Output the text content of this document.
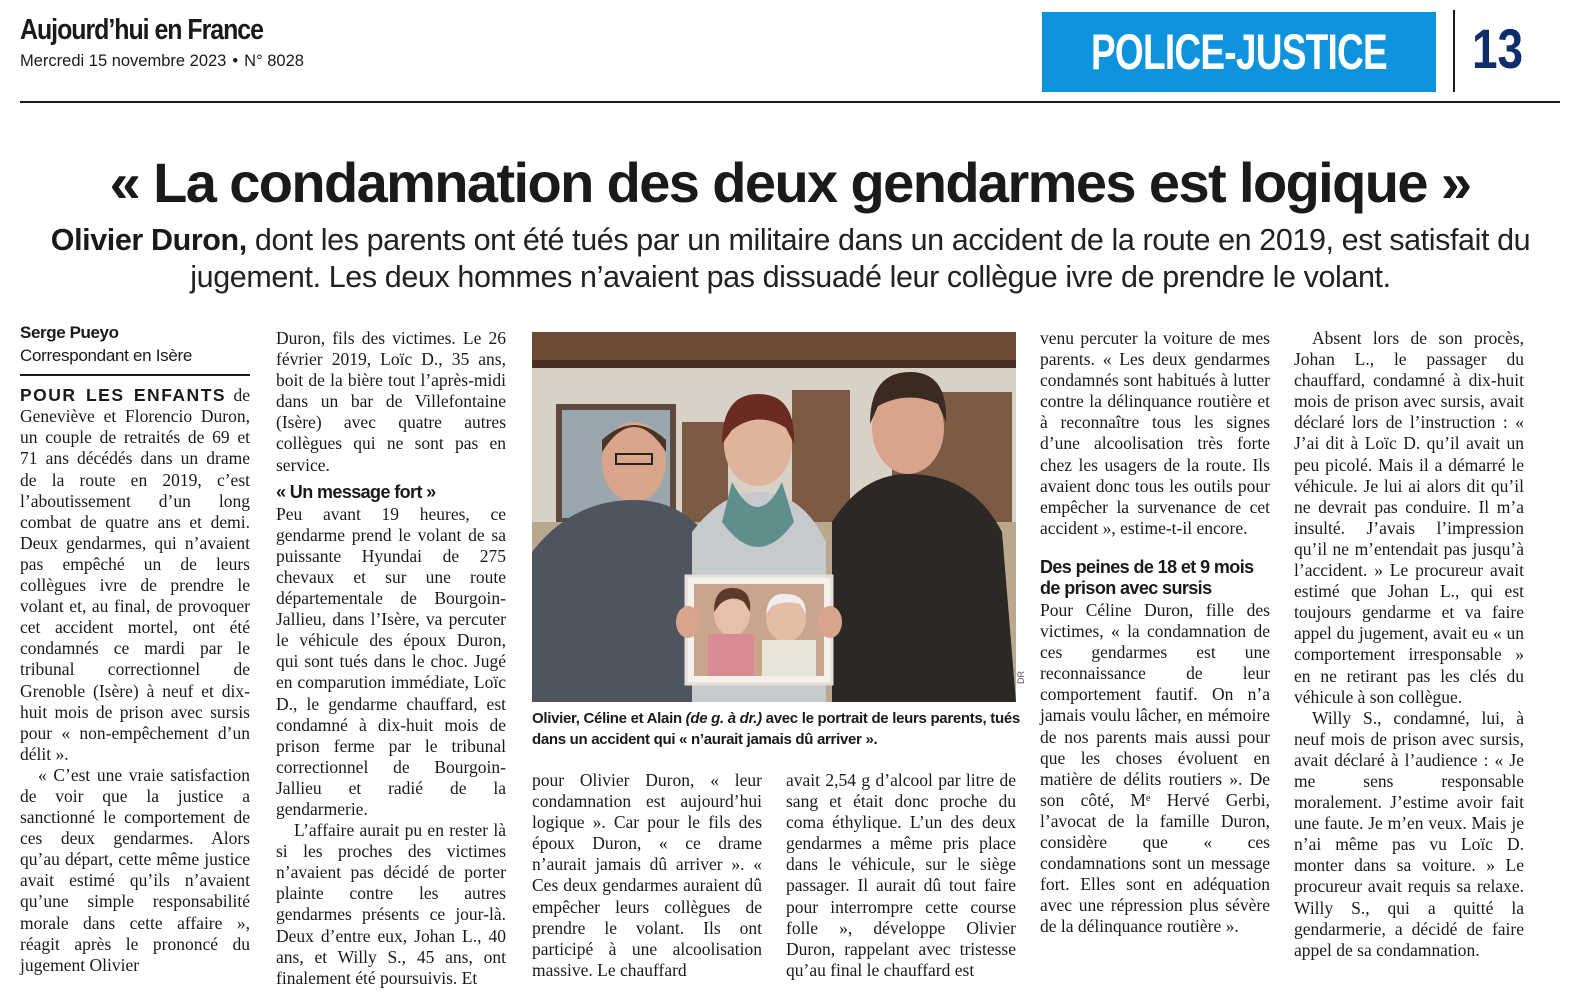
Aujourd’hui en France
Mercredi 15 novembre 2023 • N° 8028	POLICE-JUSTICE 13
« La condamnation des deux gendarmes est logique »
Olivier Duron, dont les parents ont été tués par un militaire dans un accident de la route en 2019, est satisfait du jugement. Les deux hommes n’avaient pas dissuadé leur collègue ivre de prendre le volant.
Serge Pueyo
Correspondant en Isère

POUR LES ENFANTS de Geneviève et Florencio Duron, un couple de retraités de 69 et 71 ans décédés dans un drame de la route en 2019, c’est l’aboutissement d’un long combat de quatre ans et demi. Deux gendarmes, qui n’avaient pas empêché un de leurs collègues ivre de prendre le volant et, au final, de provoquer cet accident mortel, ont été condamnés ce mardi par le tribunal correctionnel de Grenoble (Isère) à neuf et dix-huit mois de prison avec sursis pour « non-empêchement d’un délit ».

« C’est une vraie satisfaction de voir que la justice a sanctionné le comportement de ces deux gendarmes. Alors qu’au départ, cette même justice avait estimé qu’ils n’avaient qu’une simple responsabilité morale dans cette affaire », réagit après le prononcé du jugement Olivier

Duron, fils des victimes. Le 26 février 2019, Loïc D., 35 ans, boit de la bière tout l’après-midi dans un bar de Villefontaine (Isère) avec quatre autres collègues qui ne sont pas en service.

« Un message fort »

Peu avant 19 heures, ce gendarme prend le volant de sa puissante Hyundai de 275 chevaux et sur une route départementale de Bourgoin-Jallieu, dans l’Isère, va percuter le véhicule des époux Duron, qui sont tués dans le choc. Jugé en comparution immédiate, Loïc D., le gendarme chauffard, est condamné à dix-huit mois de prison ferme par le tribunal correctionnel de Bourgoin-Jallieu et radié de la gendarmerie.

L’affaire aurait pu en rester là si les proches des victimes n’avaient pas décidé de porter plainte contre les autres gendarmes présents ce jour-là. Deux d’entre eux, Johan L., 40 ans, et Willy S., 45 ans, ont finalement été poursuivis. Et

DR
Olivier, Céline et Alain (de g. à dr.) avec le portrait de leurs parents, tués dans un accident qui « n’aurait jamais dû arriver ».

pour Olivier Duron, « leur condamnation est aujourd’hui logique ». Car pour le fils des époux Duron, « ce drame n’aurait jamais dû arriver ». « Ces deux gendarmes auraient dû empêcher leurs collègues de prendre le volant. Ils ont participé à une alcoolisation massive. Le chauffard

avait 2,54 g d’alcool par litre de sang et était donc proche du coma éthylique. L’un des deux gendarmes a même pris place dans le véhicule, sur le siège passager. Il aurait dû tout faire pour interrompre cette course folle », développe Olivier Duron, rappelant avec tristesse qu’au final le chauffard est

venu percuter la voiture de mes parents. « Les deux gendarmes condamnés sont habitués à lutter contre la délinquance routière et à reconnaître tous les signes d’une alcoolisation très forte chez les usagers de la route. Ils avaient donc tous les outils pour empêcher la survenance de cet accident », estime-t-il encore.

Des peines de 18 et 9 mois de prison avec sursis

Pour Céline Duron, fille des victimes, « la condamnation de ces gendarmes est une reconnaissance de leur comportement fautif. On n’a jamais voulu lâcher, en mémoire de nos parents mais aussi pour que les choses évoluent en matière de délits routiers ». De son côté, Mᵉ Hervé Gerbi, l’avocat de la famille Duron, considère que « ces condamnations sont un message fort. Elles sont en adéquation avec une répression plus sévère de la délinquance routière ».

Absent lors de son procès, Johan L., le passager du chauffard, condamné à dix-huit mois de prison avec sursis, avait déclaré lors de l’instruction : « J’ai dit à Loïc D. qu’il avait un peu picolé. Mais il a démarré le véhicule. Je lui ai alors dit qu’il ne devrait pas conduire. Il m’a insulté. J’avais l’impression qu’il ne m’entendait pas jusqu’à l’accident. » Le procureur avait estimé que Johan L., qui est toujours gendarme et va faire appel du jugement, avait eu « un comportement irresponsable » en ne retirant pas les clés du véhicule à son collègue.

Willy S., condamné, lui, à neuf mois de prison avec sursis, avait déclaré à l’audience : « Je me sens responsable moralement. J’estime avoir fait une faute. Je m’en veux. Mais je n’ai même pas vu Loïc D. monter dans sa voiture. » Le procureur avait requis sa relaxe. Willy S., qui a quitté la gendarmerie, a décidé de faire appel de sa condamnation.
